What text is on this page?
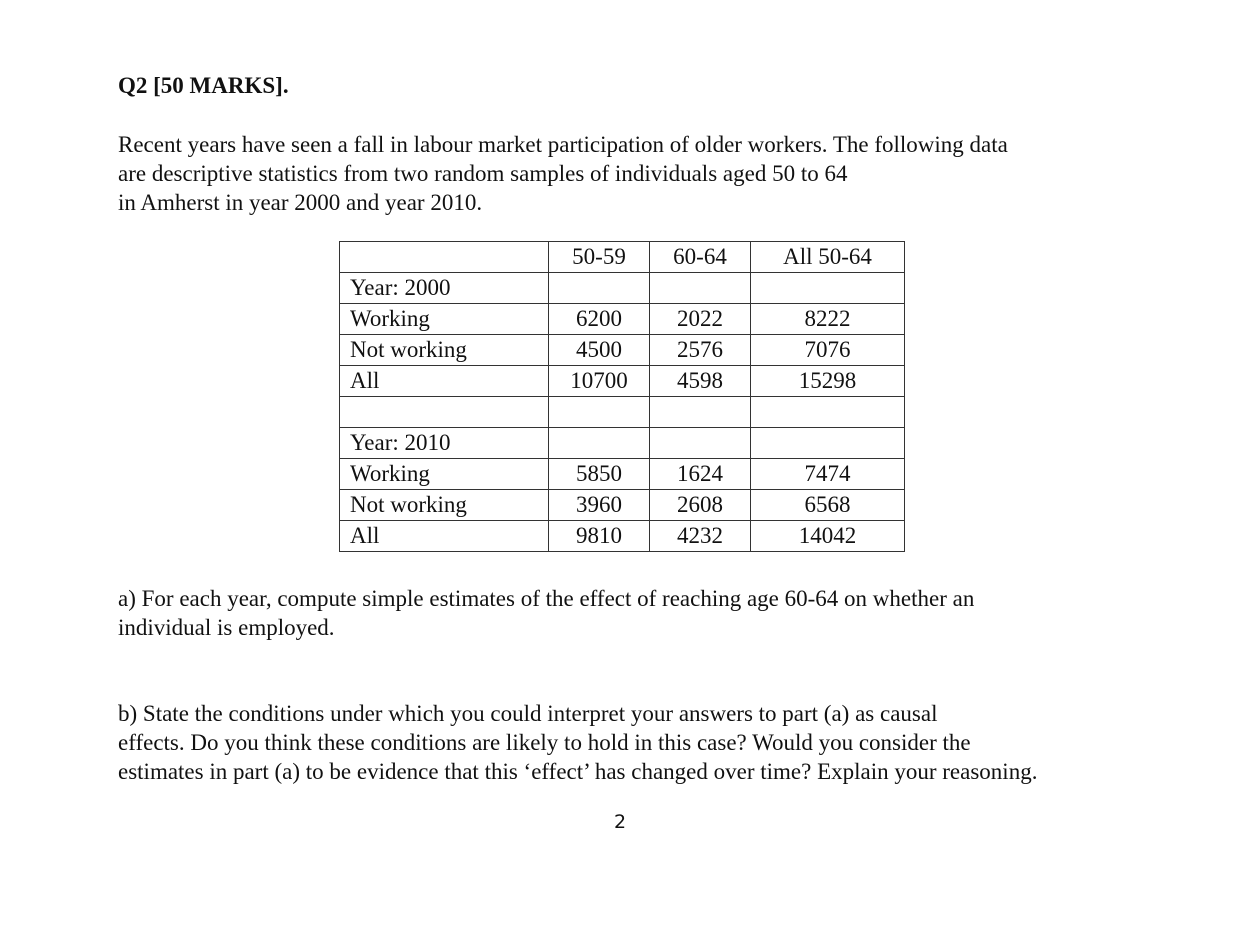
Q2 [50 MARKS].

Recent years have seen a fall in labour market participation of older workers. The following data
are descriptive statistics from two random samples of individuals aged 50 to 64
in Amherst in year 2000 and year 2010.

	50-59	60-64	All 50-64
Year: 2000			
Working	6200	2022	8222
Not working	4500	2576	7076
All	10700	4598	15298

Year: 2010			
Working	5850	1624	7474
Not working	3960	2608	6568
All	9810	4232	14042

a) For each year, compute simple estimates of the effect of reaching age 60-64 on whether an
individual is employed.

b) State the conditions under which you could interpret your answers to part (a) as causal
effects. Do you think these conditions are likely to hold in this case? Would you consider the
estimates in part (a) to be evidence that this ‘effect’ has changed over time? Explain your reasoning.

2
